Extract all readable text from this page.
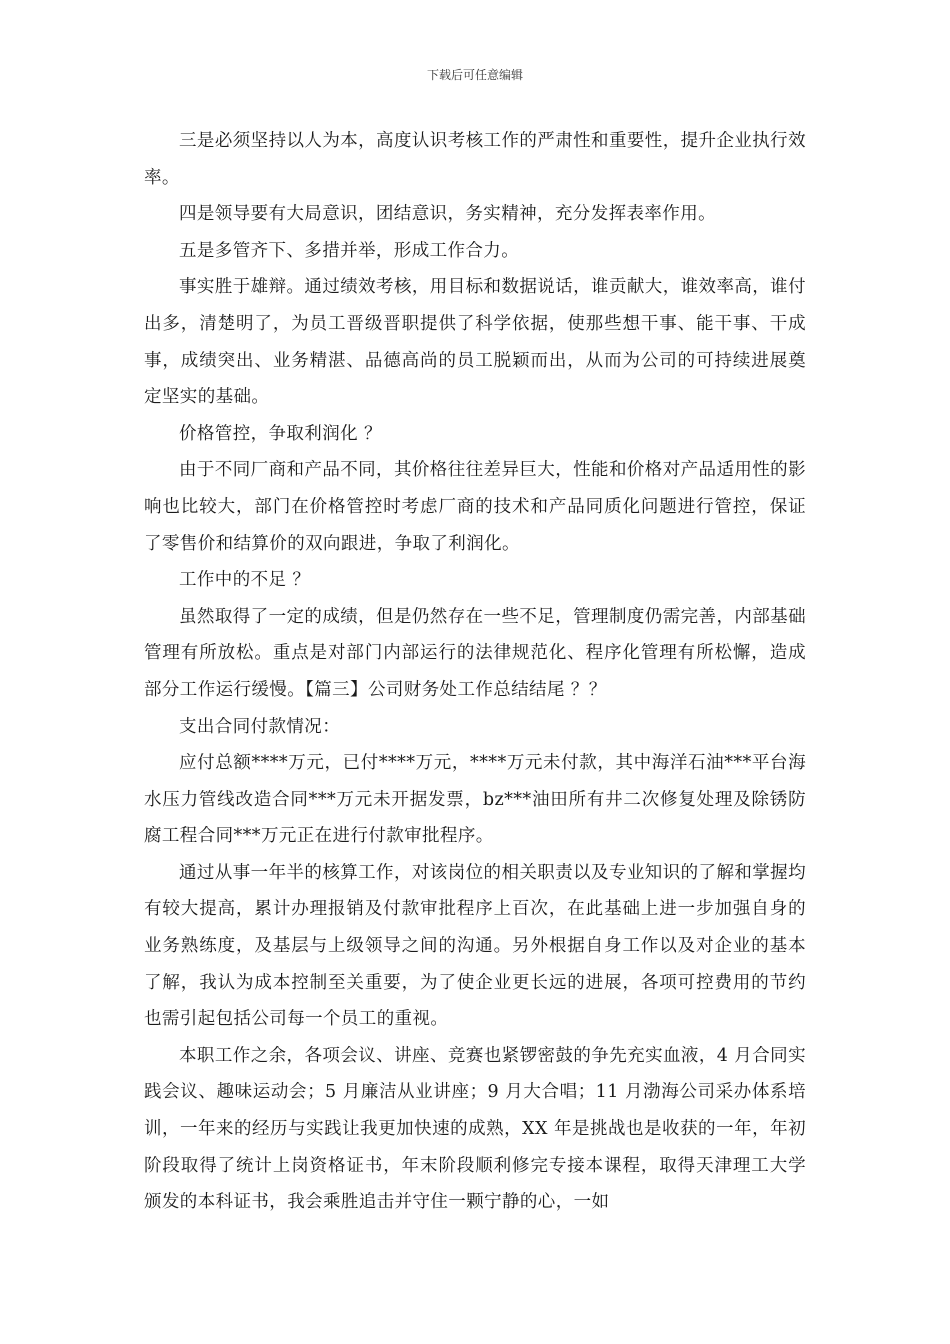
下载后可任意编辑

三是必须坚持以人为本，高度认识考核工作的严肃性和重要性，提升企业执行效率。

四是领导要有大局意识，团结意识，务实精神，充分发挥表率作用。

五是多管齐下、多措并举，形成工作合力。

事实胜于雄辩。通过绩效考核，用目标和数据说话，谁贡献大，谁效率高，谁付出多，清楚明了，为员工晋级晋职提供了科学依据，使那些想干事、能干事、干成事，成绩突出、业务精湛、品德高尚的员工脱颖而出，从而为公司的可持续进展奠定坚实的基础。

价格管控，争取利润化 ？

由于不同厂商和产品不同，其价格往往差异巨大，性能和价格对产品适用性的影响也比较大，部门在价格管控时考虑厂商的技术和产品同质化问题进行管控，保证了零售价和结算价的双向跟进，争取了利润化。

工作中的不足 ？

虽然取得了一定的成绩，但是仍然存在一些不足，管理制度仍需完善，内部基础管理有所放松。重点是对部门内部运行的法律规范化、程序化管理有所松懈，造成部分工作运行缓慢。【篇三】公司财务处工作总结结尾 ？？

支出合同付款情况：

应付总额****万元，已付****万元，****万元未付款，其中海洋石油***平台海水压力管线改造合同***万元未开据发票，bz***油田所有井二次修复处理及除锈防腐工程合同***万元正在进行付款审批程序。

通过从事一年半的核算工作，对该岗位的相关职责以及专业知识的了解和掌握均有较大提高，累计办理报销及付款审批程序上百次，在此基础上进一步加强自身的业务熟练度，及基层与上级领导之间的沟通。另外根据自身工作以及对企业的基本了解，我认为成本控制至关重要，为了使企业更长远的进展，各项可控费用的节约也需引起包括公司每一个员工的重视。

本职工作之余，各项会议、讲座、竞赛也紧锣密鼓的争先充实血液，4 月合同实践会议、趣味运动会；5 月廉洁从业讲座；9 月大合唱；11 月渤海公司采办体系培训，一年来的经历与实践让我更加快速的成熟，XX 年是挑战也是收获的一年，年初阶段取得了统计上岗资格证书，年末阶段顺利修完专接本课程，取得天津理工大学颁发的本科证书，我会乘胜追击并守住一颗宁静的心，一如
